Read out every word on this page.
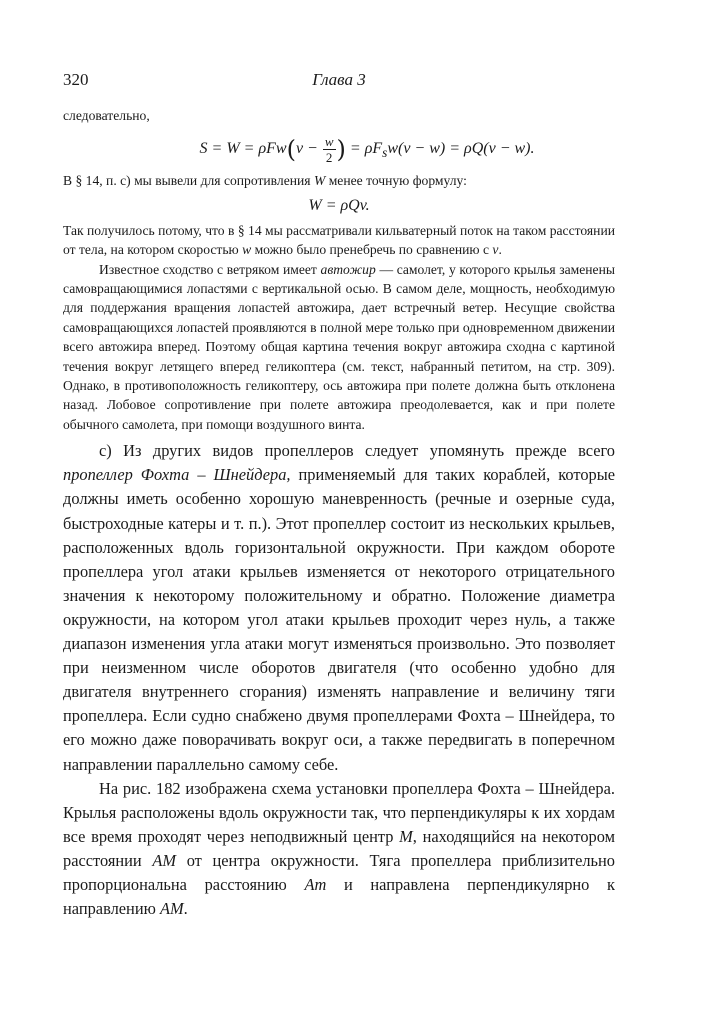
320	Глава 3

следовательно,

$S = W = \rho Fw(v - \frac{w}{2}$ ) = $\rho F_sw(v - w) = \rho Q(v - w)$.

В § 14, п. с) мы вывели для сопротивления W менее точную формулу:

W = ρQv.

Так получилось потому, что в § 14 мы рассматривали кильватерный поток на таком расстоянии от тела, на котором скоростью w можно было пренебречь по сравнению с v.

Известное сходство с ветряком имеет автожир — самолет, у которого крылья заменены самовращающимися лопастями с вертикальной осью. В самом деле, мощность, необходимую для поддержания вращения лопастей автожира, дает встречный ветер. Несущие свойства самовращающихся лопастей проявляются в полной мере только при одновременном движении всего автожира вперед. Поэтому общая картина течения вокруг автожира сходна с картиной течения вокруг летящего вперед геликоптера (см. текст, набранный петитом, на стр. 309). Однако, в противоположность геликоптеру, ось автожира при полете должна быть отклонена назад. Лобовое сопротивление при полете автожира преодолевается, как и при полете обычного самолета, при помощи воздушного винта.

c) Из других видов пропеллеров следует упомянуть прежде всего пропеллер Фохта – Шнейдера, применяемый для таких кораблей, которые должны иметь особенно хорошую маневренность (речные и озерные суда, быстроходные катеры и т. п.). Этот пропеллер состоит из нескольких крыльев, расположенных вдоль горизонтальной окружности. При каждом обороте пропеллера угол атаки крыльев изменяется от некоторого отрицательного значения к некоторому положительному и обратно. Положение диаметра окружности, на котором угол атаки крыльев проходит через нуль, а также диапазон изменения угла атаки могут изменяться произвольно. Это позволяет при неизменном числе оборотов двигателя (что особенно удобно для двигателя внутреннего сгорания) изменять направление и величину тяги пропеллера. Если судно снабжено двумя пропеллерами Фохта – Шнейдера, то его можно даже поворачивать вокруг оси, а также передвигать в поперечном направлении параллельно самому себе.

На рис. 182 изображена схема установки пропеллера Фохта – Шнейдера. Крылья расположены вдоль окружности так, что перпендикуляры к их хордам все время проходят через неподвижный центр M, находящийся на некотором расстоянии AM от центра окружности. Тяга пропеллера приблизительно пропорциональна расстоянию Am и направлена перпендикулярно к направлению AM.
